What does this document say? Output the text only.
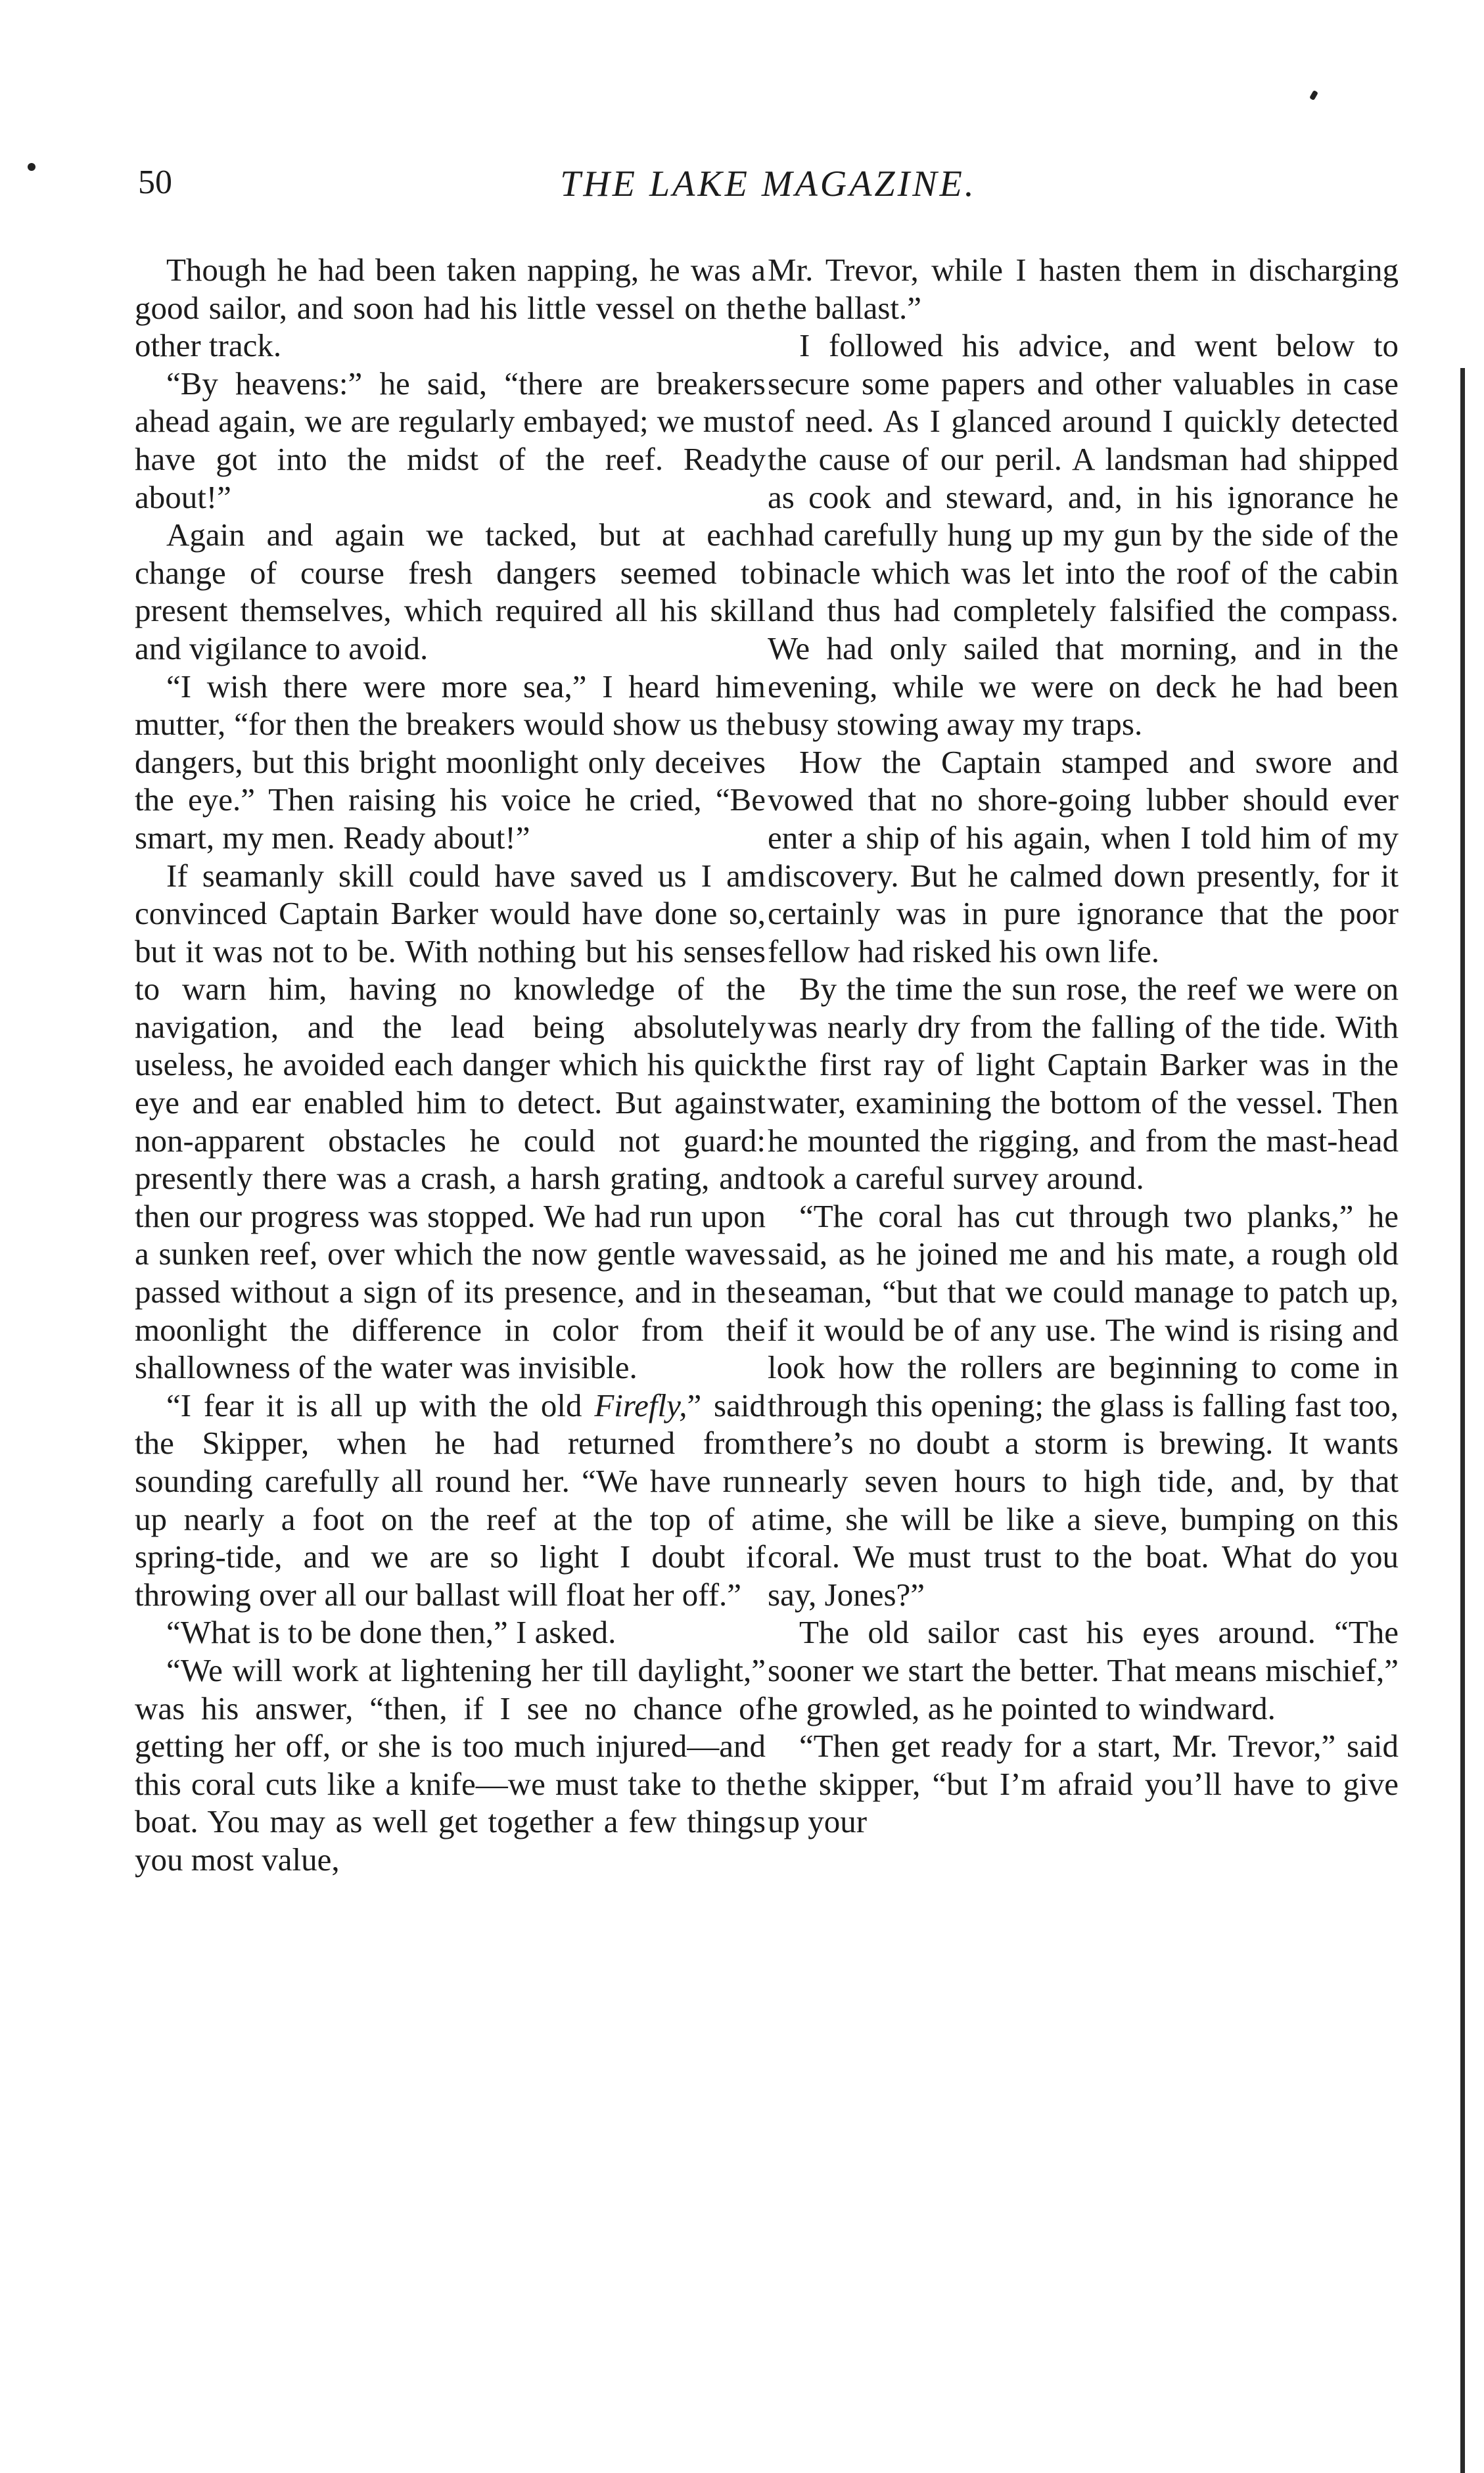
50	THE LAKE MAGAZINE.

Though he had been taken napping, he was a good sailor, and soon had his little vessel on the other track.

“By heavens:” he said, “there are breakers ahead again, we are regularly embayed; we must have got into the midst of the reef. Ready about!”

Again and again we tacked, but at each change of course fresh dangers seemed to present themselves, which required all his skill and vigilance to avoid.

“I wish there were more sea,” I heard him mutter, “for then the breakers would show us the dangers, but this bright moonlight only deceives the eye.” Then raising his voice he cried, “Be smart, my men. Ready about!”

If seamanly skill could have saved us I am convinced Captain Barker would have done so, but it was not to be. With nothing but his senses to warn him, having no knowledge of the navigation, and the lead being absolutely useless, he avoided each danger which his quick eye and ear enabled him to detect. But against non-apparent obstacles he could not guard: presently there was a crash, a harsh grating, and then our progress was stopped. We had run upon a sunken reef, over which the now gentle waves passed without a sign of its presence, and in the moonlight the difference in color from the shallowness of the water was invisible.

“I fear it is all up with the old Firefly,” said the Skipper, when he had returned from sounding carefully all round her. “We have run up nearly a foot on the reef at the top of a spring-tide, and we are so light I doubt if throwing over all our ballast will float her off.”

“What is to be done then,” I asked.

“We will work at lightening her till daylight,” was his answer, “then, if I see no chance of getting her off, or she is too much injured—and this coral cuts like a knife—we must take to the boat. You may as well get together a few things you most value,

Mr. Trevor, while I hasten them in discharging the ballast.”

I followed his advice, and went below to secure some papers and other valuables in case of need. As I glanced around I quickly detected the cause of our peril. A landsman had shipped as cook and steward, and, in his ignorance he had carefully hung up my gun by the side of the binacle which was let into the roof of the cabin and thus had completely falsified the compass. We had only sailed that morning, and in the evening, while we were on deck he had been busy stowing away my traps.

How the Captain stamped and swore and vowed that no shore-going lubber should ever enter a ship of his again, when I told him of my discovery. But he calmed down presently, for it certainly was in pure ignorance that the poor fellow had risked his own life.

By the time the sun rose, the reef we were on was nearly dry from the falling of the tide. With the first ray of light Captain Barker was in the water, examining the bottom of the vessel. Then he mounted the rigging, and from the mast-head took a careful survey around.

“The coral has cut through two planks,” he said, as he joined me and his mate, a rough old seaman, “but that we could manage to patch up, if it would be of any use. The wind is rising and look how the rollers are beginning to come in through this opening; the glass is falling fast too, there’s no doubt a storm is brewing. It wants nearly seven hours to high tide, and, by that time, she will be like a sieve, bumping on this coral. We must trust to the boat. What do you say, Jones?”

The old sailor cast his eyes around. “The sooner we start the better. That means mischief,” he growled, as he pointed to windward.

“Then get ready for a start, Mr. Trevor,” said the skipper, “but I’m afraid you’ll have to give up your
